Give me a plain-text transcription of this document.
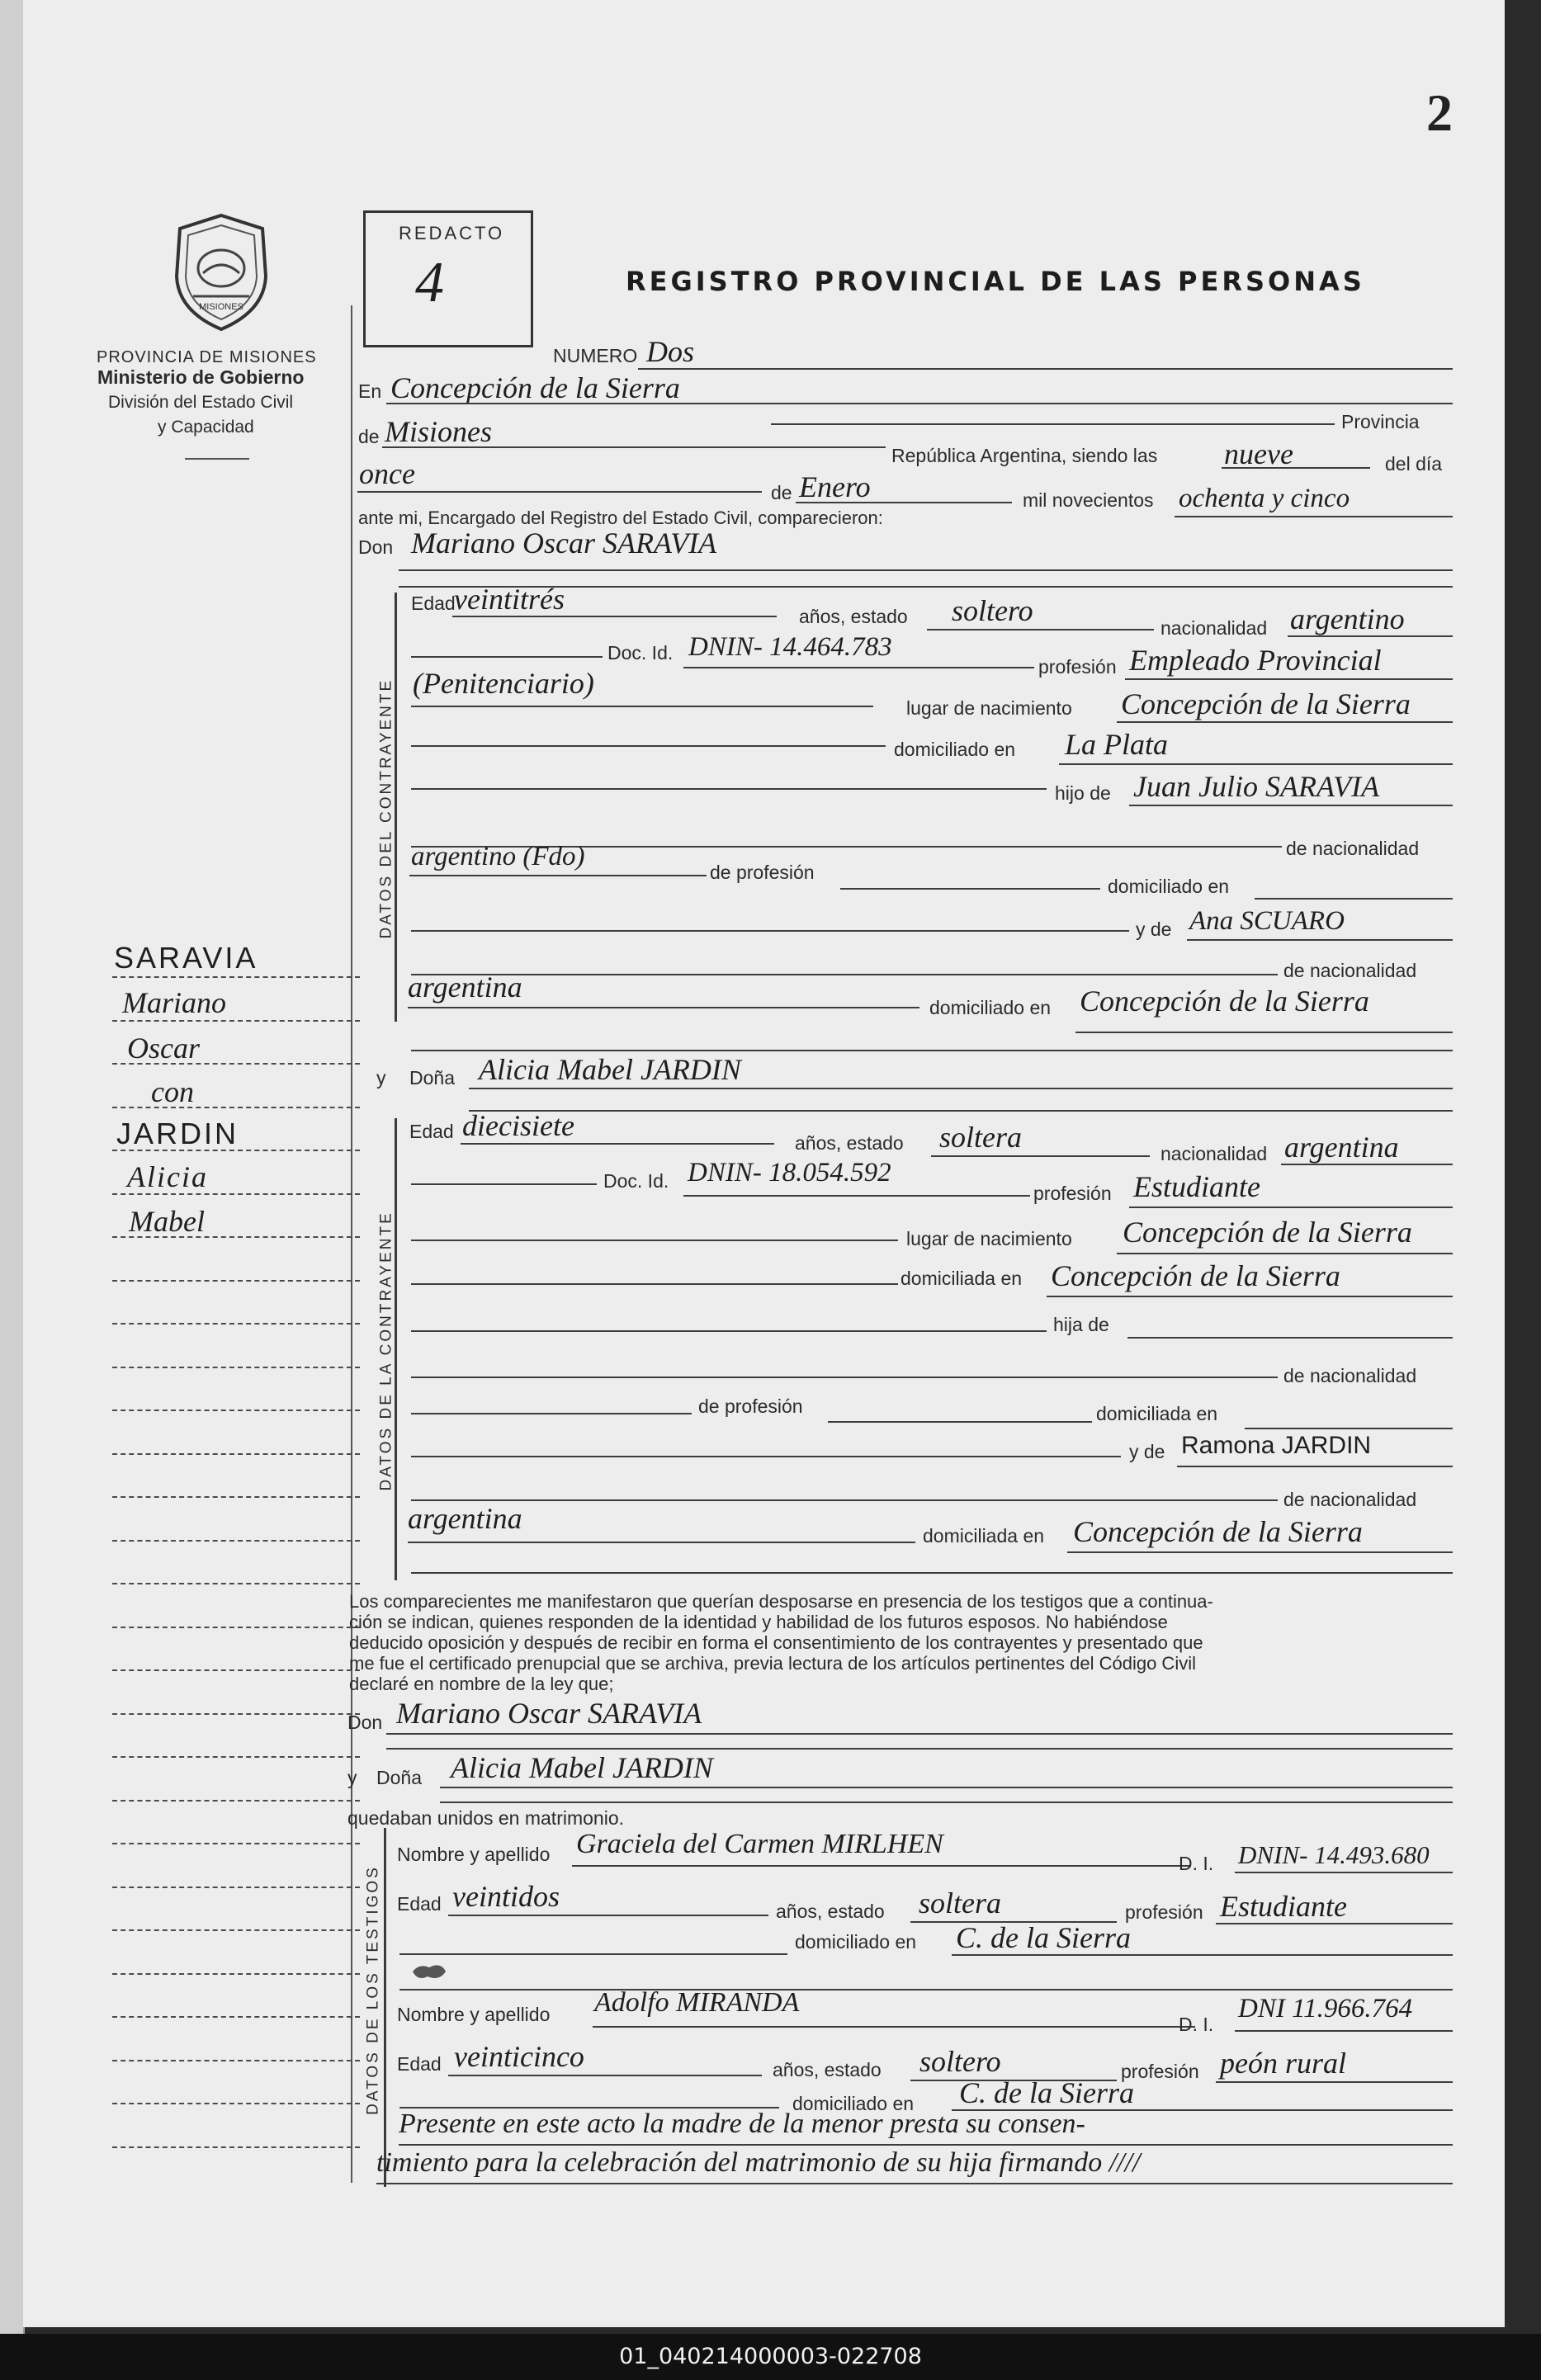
2
MISIONES
PROVINCIA DE MISIONES
Ministerio de Gobierno
División del Estado Civil
y Capacidad
REDACTO
4	REGISTRO PROVINCIAL DE LAS PERSONAS
SARAVIA
Mariano
Oscar
con
JARDIN
Alicia
Mabel
NUMERO Dos
En Concepción de la Sierra
Provincia
de Misiones
República Argentina, siendo las nueve	del día
once
de Enero	mil novecientos ochenta y cinco
ante mi, Encargado del Registro del Estado Civil, comparecieron:
Don Mariano Oscar SARAVIA
DATOS DEL CONTRAYENTE
Edad
veintitrés
años, estado soltero
nacionalidad argentino
Doc. Id. DNIN- 14.464.783
profesión Empleado Provincial
(Penitenciario)
lugar de nacimiento Concepción de la Sierra
domiciliado en La Plata
hijo de Juan Julio SARAVIA
de nacionalidad
argentino (Fdo)
de profesión
domiciliado en
y de Ana SCUARO
de nacionalidad
argentina
domiciliado en Concepción de la Sierra
y Doña Alicia Mabel JARDIN
DATOS DE LA CONTRAYENTE
Edad diecisiete
años, estado soltera	nacionalidad argentina
Doc. Id. DNIN- 18.054.592
profesión Estudiante
lugar de nacimiento Concepción de la Sierra
domiciliada en Concepción de la Sierra
hija de
de nacionalidad
de profesión	domiciliada en
y de Ramona JARDIN
de nacionalidad
argentina
domiciliada en Concepción de la Sierra
Los comparecientes me manifestaron que querían desposarse en presencia de los testigos que a continua-
ción se indican, quienes responden de la identidad y habilidad de los futuros esposos. No habiéndose
deducido oposición y después de recibir en forma el consentimiento de los contrayentes y presentado que
me fue el certificado prenupcial que se archiva, previa lectura de los artículos pertinentes del Código Civil
declaré en nombre de la ley que;
Don Mariano Oscar SARAVIA
y Doña Alicia Mabel JARDIN
quedaban unidos en matrimonio.
DATOS DE LOS TESTIGOS
Nombre y apellido Graciela del Carmen MIRLHEN
D. I. DNIN- 14.493.680
Edad veintidos	años, estado soltera	profesión Estudiante
domiciliado en C. de la Sierra
Nombre y apellido Adolfo MIRANDA
D. I.
DNI 11.966.764
Edad veinticinco	años, estado soltero	profesión peón rural
domiciliado en C. de la Sierra
Presente en este acto la madre de la menor presta su consen-
timiento para la celebración del matrimonio de su hija firmando ////
01_040214000003-022708
